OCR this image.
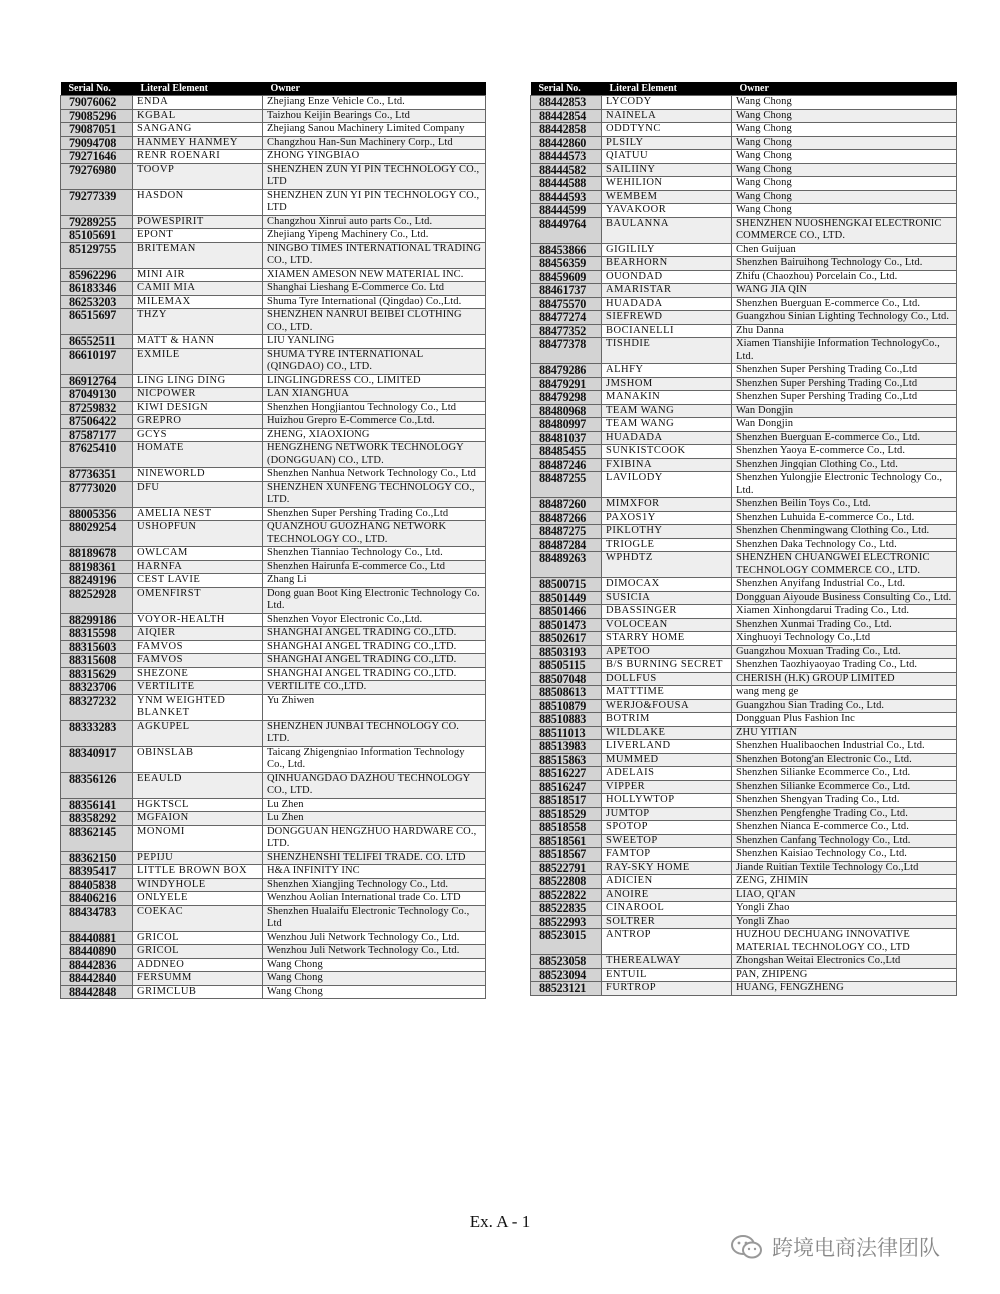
Serial No.	Literal Element	Owner
79076062	ENDA	Zhejiang Enze Vehicle Co., Ltd.
79085296	KGBAL	Taizhou Keijin Bearings Co., Ltd
79087051	SANGANG	Zhejiang Sanou Machinery Limited Company
79094708	HANMEY HANMEY	Changzhou Han-Sun Machinery Corp., Ltd
79271646	RENR ROENARI	ZHONG YINGBIAO
79276980	TOOVP	SHENZHEN ZUN YI PIN TECHNOLOGY CO., LTD
79277339	HASDON	SHENZHEN ZUN YI PIN TECHNOLOGY CO., LTD
79289255	POWESPIRIT	Changzhou Xinrui auto parts Co., Ltd.
85105691	EPONT	Zhejiang Yipeng Machinery Co., Ltd.
85129755	BRITEMAN	NINGBO TIMES INTERNATIONAL TRADING CO., LTD.
85962296	MINI AIR	XIAMEN AMESON NEW MATERIAL INC.
86183346	CAMII MIA	Shanghai Lieshang E-Commerce Co. Ltd
86253203	MILEMAX	Shuma Tyre International (Qingdao) Co.,Ltd.
86515697	THZY	SHENZHEN NANRUI BEIBEI CLOTHING CO., LTD.
86552511	MATT & HANN	LIU YANLING
86610197	EXMILE	SHUMA TYRE INTERNATIONAL (QINGDAO) CO., LTD.
86912764	LING LING DING	LINGLINGDRESS CO., LIMITED
87049130	NICPOWER	LAN XIANGHUA
87259832	KIWI DESIGN	Shenzhen Hongjiantou Technology Co., Ltd
87506422	GREPRO	Huizhou Grepro E-Commerce Co.,Ltd.
87587177	GCYS	ZHENG, XIAOXIONG
87625410	HOMATE	HENGZHENG NETWORK TECHNOLOGY (DONGGUAN) CO., LTD.
87736351	NINEWORLD	Shenzhen Nanhua Network Technology Co., Ltd
87773020	DFU	SHENZHEN XUNFENG TECHNOLOGY CO., LTD.
88005356	AMELIA NEST	Shenzhen Super Pershing Trading Co.,Ltd
88029254	USHOPFUN	QUANZHOU GUOZHANG NETWORK TECHNOLOGY CO., LTD.
88189678	OWLCAM	Shenzhen Tianniao Technology Co., Ltd.
88198361	HARNFA	Shenzhen Hairunfa E-commerce Co., Ltd
88249196	CEST LAVIE	Zhang Li
88252928	OMENFIRST	Dong guan Boot King Electronic Technology Co. Ltd.
88299186	VOYOR-HEALTH	Shenzhen Voyor Electronic Co.,Ltd.
88315598	AIQIER	SHANGHAI ANGEL TRADING CO.,LTD.
88315603	FAMVOS	SHANGHAI ANGEL TRADING CO.,LTD.
88315608	FAMVOS	SHANGHAI ANGEL TRADING CO.,LTD.
88315629	SHEZONE	SHANGHAI ANGEL TRADING CO.,LTD.
88323706	VERTILITE	VERTILITE CO.,LTD.
88327232	YNM WEIGHTED BLANKET	Yu Zhiwen
88333283	AGKUPEL	SHENZHEN JUNBAI TECHNOLOGY CO. LTD.
88340917	OBINSLAB	Taicang Zhigengniao Information Technology Co., Ltd.
88356126	EEAULD	QINHUANGDAO DAZHOU TECHNOLOGY CO., LTD.
88356141	HGKTSCL	Lu Zhen
88358292	MGFAION	Lu Zhen
88362145	MONOMI	DONGGUAN HENGZHUO HARDWARE CO., LTD.
88362150	PEPIJU	SHENZHENSHI TELIFEI TRADE. CO. LTD
88395417	LITTLE BROWN BOX	H&A INFINITY INC
88405838	WINDYHOLE	Shenzhen Xiangjing Technology Co., Ltd.
88406216	ONLYELE	Wenzhou Aolian International trade Co. LTD
88434783	COEKAC	Shenzhen Hualaifu Electronic Technology Co., Ltd
88440881	GRICOL	Wenzhou Juli Network Technology Co., Ltd.
88440890	GRICOL	Wenzhou Juli Network Technology Co., Ltd.
88442836	ADDNEO	Wang Chong
88442840	FERSUMM	Wang Chong
88442848	GRIMCLUB	Wang Chong
Serial No.	Literal Element	Owner
88442853	LYCODY	Wang Chong
88442854	NAINELA	Wang Chong
88442858	ODDTYNC	Wang Chong
88442860	PLSILY	Wang Chong
88444573	QIATUU	Wang Chong
88444582	SAILIINY	Wang Chong
88444588	WEHILION	Wang Chong
88444593	WEMBEM	Wang Chong
88444599	YAVAKOOR	Wang Chong
88449764	BAULANNA	SHENZHEN NUOSHENGKAI ELECTRONIC COMMERCE CO., LTD.
88453866	GIGILILY	Chen Guijuan
88456359	BEARHORN	Shenzhen Bairuihong Technology Co., Ltd.
88459609	OUONDAD	Zhifu (Chaozhou) Porcelain Co., Ltd.
88461737	AMARISTAR	WANG JIA QIN
88475570	HUADADA	Shenzhen Buerguan E-commerce Co., Ltd.
88477274	SIEFREWD	Guangzhou Sinian Lighting Technology Co., Ltd.
88477352	BOCIANELLI	Zhu Danna
88477378	TISHDIE	Xiamen Tianshijie Information TechnologyCo., Ltd.
88479286	ALHFY	Shenzhen Super Pershing Trading Co.,Ltd
88479291	JMSHOM	Shenzhen Super Pershing Trading Co.,Ltd
88479298	MANAKIN	Shenzhen Super Pershing Trading Co.,Ltd
88480968	TEAM WANG	Wan Dongjin
88480997	TEAM WANG	Wan Dongjin
88481037	HUADADA	Shenzhen Buerguan E-commerce Co., Ltd.
88485455	SUNKISTCOOK	Shenzhen Yaoya E-commerce Co., Ltd.
88487246	FXIBINA	Shenzhen Jingqian Clothing Co., Ltd.
88487255	LAVILODY	Shenzhen Yulongjie Electronic Technology Co., Ltd.
88487260	MIMXFOR	Shenzhen Beilin Toys Co., Ltd.
88487266	PAXOS1Y	Shenzhen Luhuida E-commerce Co., Ltd.
88487275	PIKLOTHY	Shenzhen Chenmingwang Clothing Co., Ltd.
88487284	TRIOGLE	Shenzhen Daka Technology Co., Ltd.
88489263	WPHDTZ	SHENZHEN CHUANGWEI ELECTRONIC TECHNOLOGY COMMERCE CO., LTD.
88500715	DIMOCAX	Shenzhen Anyifang Industrial Co., Ltd.
88501449	SUSICIA	Dongguan Aiyoude Business Consulting Co., Ltd.
88501466	DBASSINGER	Xiamen Xinhongdarui Trading Co., Ltd.
88501473	VOLOCEAN	Shenzhen Xunmai Trading Co., Ltd.
88502617	STARRY HOME	Xinghuoyi Technology Co.,Ltd
88503193	APETOO	Guangzhou Moxuan Trading Co., Ltd.
88505115	B/S BURNING SECRET	Shenzhen Taozhiyaoyao Trading Co., Ltd.
88507048	DOLLFUS	CHERISH (H.K) GROUP LIMITED
88508613	MATTTIME	wang meng ge
88510879	WERJO&FOUSA	Guangzhou Sian Trading Co., Ltd.
88510883	BOTRIM	Dongguan Plus Fashion Inc
88511013	WILDLAKE	ZHU YITIAN
88513983	LIVERLAND	Shenzhen Hualibaochen Industrial Co., Ltd.
88515863	MUMMED	Shenzhen Botong'an Electronic Co., Ltd.
88516227	ADELAIS	Shenzhen Silianke Ecommerce Co., Ltd.
88516247	VIPPER	Shenzhen Silianke Ecommerce Co., Ltd.
88518517	HOLLYWTOP	Shenzhen Shengyan Trading Co., Ltd.
88518529	JUMTOP	Shenzhen Pengfenghe Trading Co., Ltd.
88518558	SPOTOP	Shenzhen Nianca E-commerce Co., Ltd.
88518561	SWEETOP	Shenzhen Canfang Technology Co., Ltd.
88518567	FAMTOP	Shenzhen Kaisiao Technology Co., Ltd.
88522791	RAY-SKY HOME	Jiande Ruitian Textile Technology Co.,Ltd
88522808	ADICIEN	ZENG, ZHIMIN
88522822	ANOIRE	LIAO, QI'AN
88522835	CINAROOL	Yongli Zhao
88522993	SOLTRER	Yongli Zhao
88523015	ANTROP	HUZHOU DECHUANG INNOVATIVE MATERIAL TECHNOLOGY CO., LTD
88523058	THEREALWAY	Zhongshan Weitai Electronics Co.,Ltd
88523094	ENTUIL	PAN, ZHIPENG
88523121	FURTROP	HUANG, FENGZHENG
Ex. A - 1
跨境电商法律团队
